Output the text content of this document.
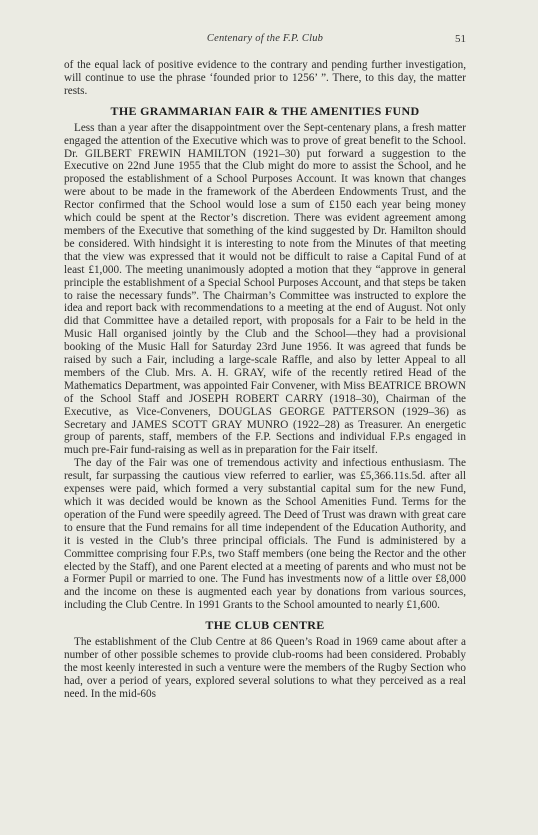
Centenary of the F.P. Club	51

of the equal lack of positive evidence to the contrary and pending further investigation, will continue to use the phrase ‘founded prior to 1256’ ”. There, to this day, the matter rests.

THE GRAMMARIAN FAIR & THE AMENITIES FUND

Less than a year after the disappointment over the Sept-centenary plans, a fresh matter engaged the attention of the Executive which was to prove of great benefit to the School. Dr. GILBERT FREWIN HAMILTON (1921–30) put forward a suggestion to the Executive on 22nd June 1955 that the Club might do more to assist the School, and he proposed the establishment of a School Purposes Account. It was known that changes were about to be made in the framework of the Aberdeen Endowments Trust, and the Rector confirmed that the School would lose a sum of £150 each year being money which could be spent at the Rector’s discretion. There was evident agreement among members of the Executive that something of the kind suggested by Dr. Hamilton should be considered. With hindsight it is interesting to note from the Minutes of that meeting that the view was expressed that it would not be difficult to raise a Capital Fund of at least £1,000. The meeting unanimously adopted a motion that they “approve in general principle the establishment of a Special School Purposes Account, and that steps be taken to raise the necessary funds”. The Chairman’s Committee was instructed to explore the idea and report back with recommendations to a meeting at the end of August. Not only did that Committee have a detailed report, with proposals for a Fair to be held in the Music Hall organised jointly by the Club and the School—they had a provisional booking of the Music Hall for Saturday 23rd June 1956. It was agreed that funds be raised by such a Fair, including a large-scale Raffle, and also by letter Appeal to all members of the Club. Mrs. A. H. GRAY, wife of the recently retired Head of the Mathematics Department, was appointed Fair Convener, with Miss BEATRICE BROWN of the School Staff and JOSEPH ROBERT CARRY (1918–30), Chairman of the Executive, as Vice-Conveners, DOUGLAS GEORGE PATTERSON (1929–36) as Secretary and JAMES SCOTT GRAY MUNRO (1922–28) as Treasurer. An energetic group of parents, staff, members of the F.P. Sections and individual F.P.s engaged in much pre-Fair fund-raising as well as in preparation for the Fair itself.

The day of the Fair was one of tremendous activity and infectious enthusiasm. The result, far surpassing the cautious view referred to earlier, was £5,366.11s.5d. after all expenses were paid, which formed a very substantial capital sum for the new Fund, which it was decided would be known as the School Amenities Fund. Terms for the operation of the Fund were speedily agreed. The Deed of Trust was drawn with great care to ensure that the Fund remains for all time independent of the Education Authority, and it is vested in the Club’s three principal officials. The Fund is administered by a Committee comprising four F.P.s, two Staff members (one being the Rector and the other elected by the Staff), and one Parent elected at a meeting of parents and who must not be a Former Pupil or married to one. The Fund has investments now of a little over £8,000 and the income on these is augmented each year by donations from various sources, including the Club Centre. In 1991 Grants to the School amounted to nearly £1,600.

THE CLUB CENTRE

The establishment of the Club Centre at 86 Queen’s Road in 1969 came about after a number of other possible schemes to provide club-rooms had been considered. Probably the most keenly interested in such a venture were the members of the Rugby Section who had, over a period of years, explored several solutions to what they perceived as a real need. In the mid-60s
